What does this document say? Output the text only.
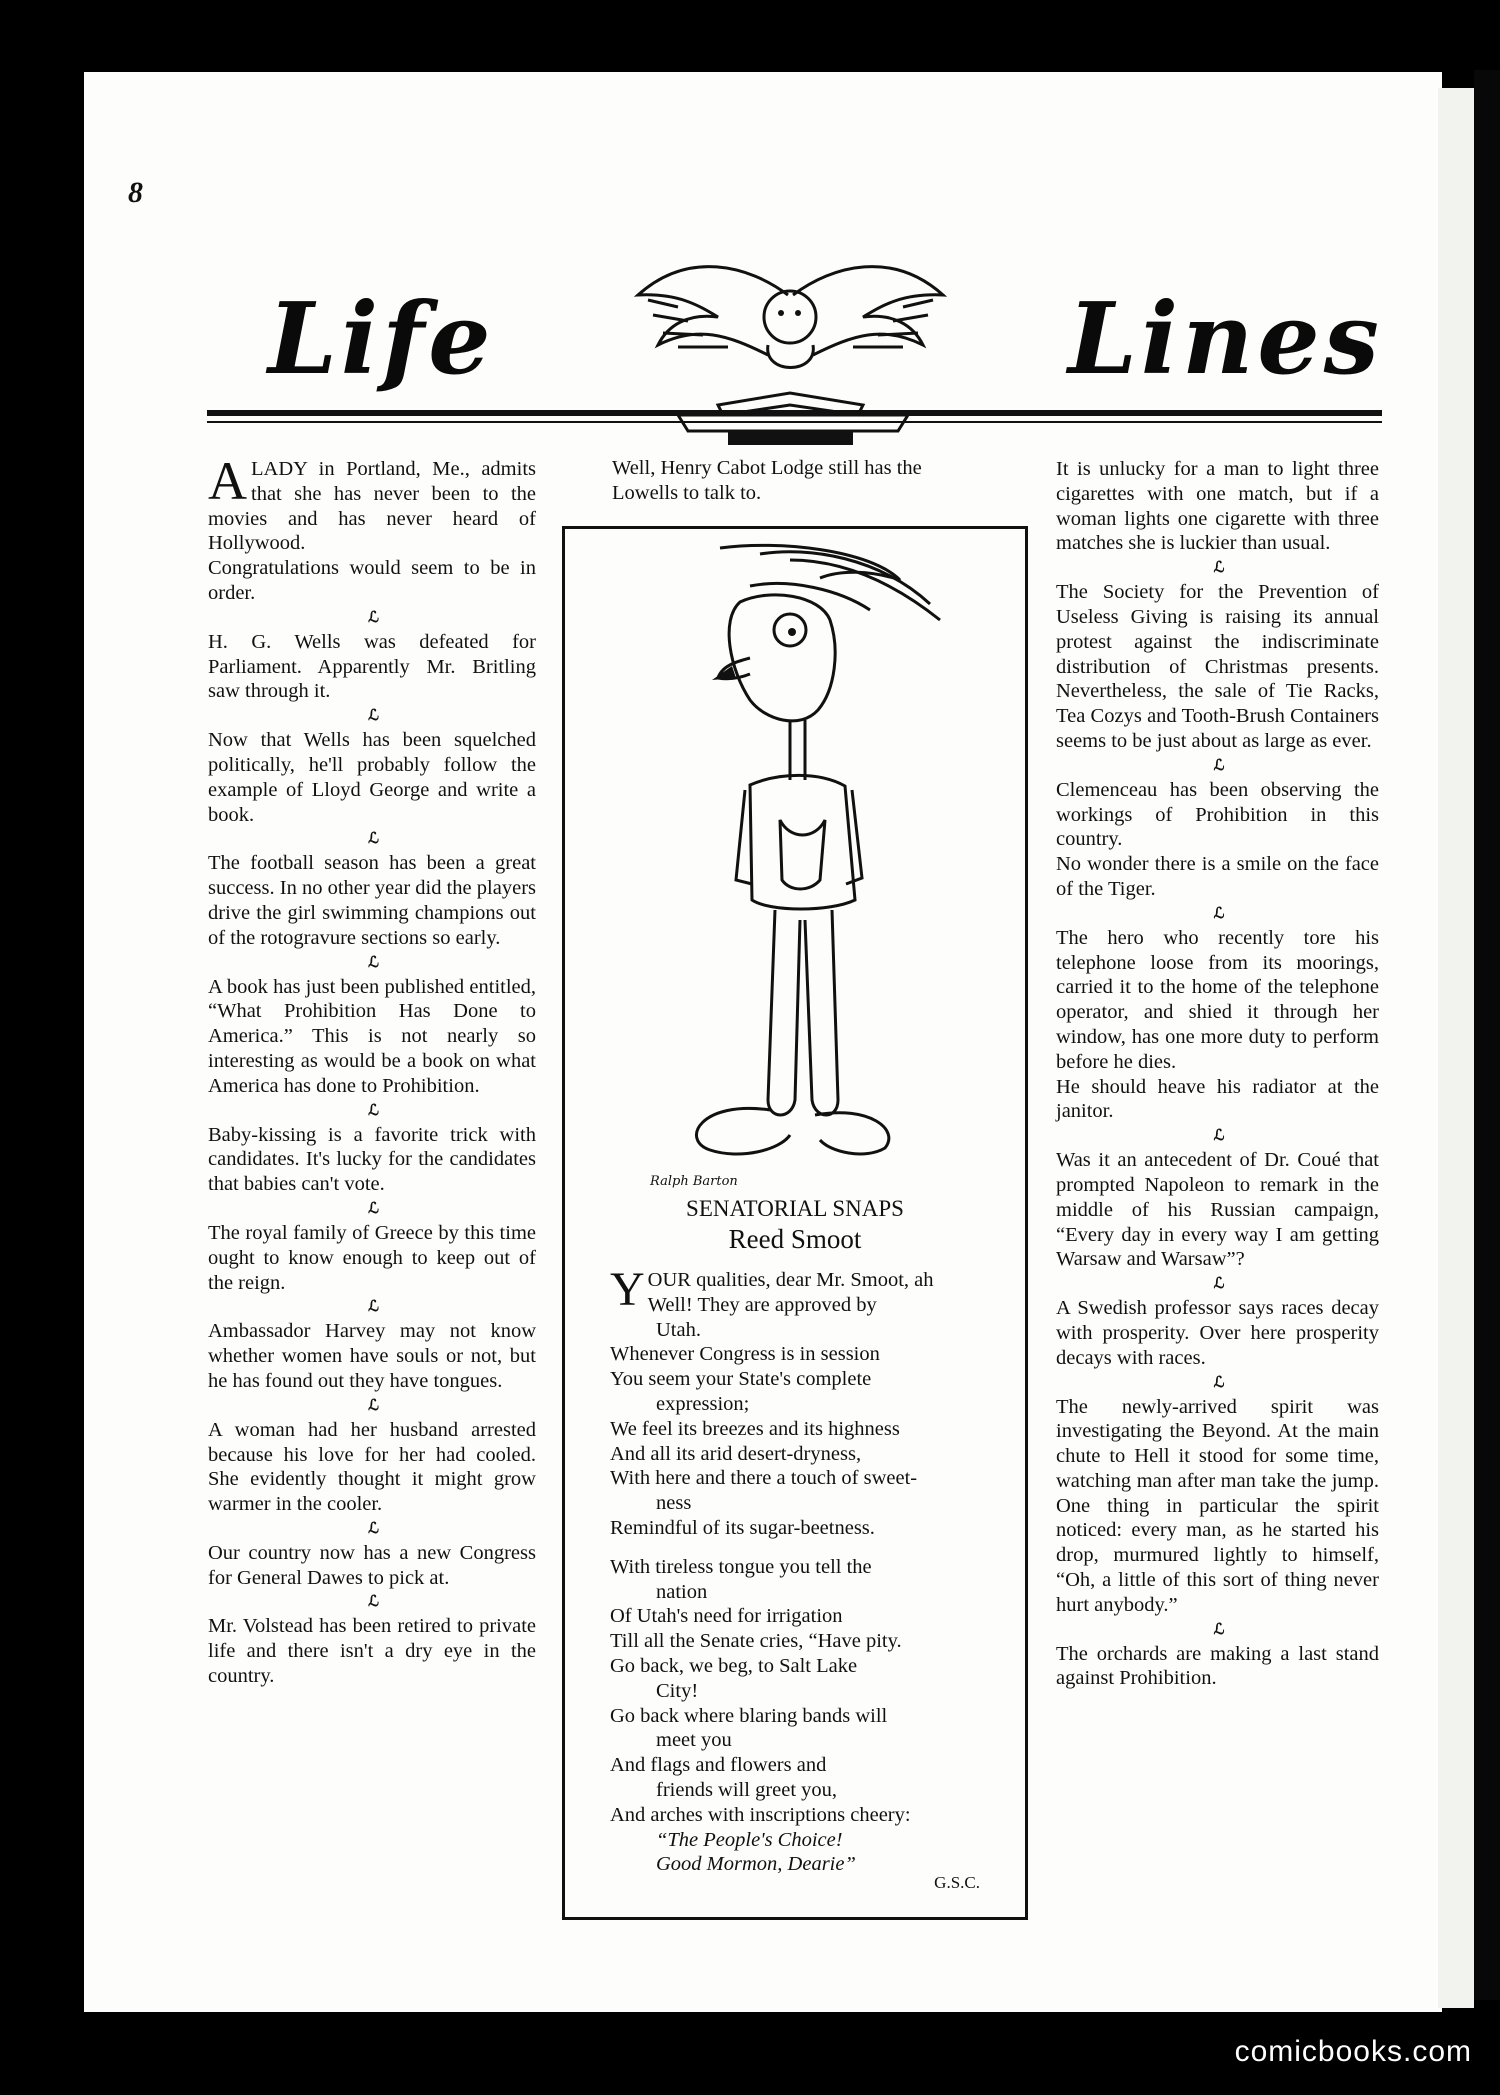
8
Life	Lines

ALADY in Portland, Me., admits that she has never been to the movies and has never heard of Hollywood.

Congratulations would seem to be in order.

ℒ

H. G. Wells was defeated for Parliament. Apparently Mr. Britling saw through it.

ℒ

Now that Wells has been squelched politically, he'll probably follow the example of Lloyd George and write a book.

ℒ

The football season has been a great success. In no other year did the players drive the girl swimming champions out of the rotogravure sections so early.

ℒ

A book has just been published entitled, “What Prohibition Has Done to America.” This is not nearly so interesting as would be a book on what America has done to Prohibition.

ℒ

Baby-kissing is a favorite trick with candidates. It's lucky for the candidates that babies can't vote.

ℒ

The royal family of Greece by this time ought to know enough to keep out of the reign.

ℒ

Ambassador Harvey may not know whether women have souls or not, but he has found out they have tongues.

ℒ

A woman had her husband arrested because his love for her had cooled. She evidently thought it might grow warmer in the cooler.

ℒ

Our country now has a new Congress for General Dawes to pick at.

ℒ

Mr. Volstead has been retired to private life and there isn't a dry eye in the country.

Well, Henry Cabot Lodge still has the Lowells to talk to.

Ralph Barton
SENATORIAL SNAPS
Reed Smoot
Y OUR qualities, dear Mr. Smoot, ah
Well! They are approved by
Utah.
Whenever Congress is in session
You seem your State's complete
expression;
We feel its breezes and its highness
And all its arid desert-dryness,
With here and there a touch of sweet-
ness
Remindful of its sugar-beetness.
With tireless tongue you tell the
nation
Of Utah's need for irrigation
Till all the Senate cries, “Have pity.
Go back, we beg, to Salt Lake
City!
Go back where blaring bands will
meet you
And flags and flowers and
friends will greet you,
And arches with inscriptions cheery:
“The People's Choice!
Good Mormon, Dearie”
G.S.C.

It is unlucky for a man to light three cigarettes with one match, but if a woman lights one cigarette with three matches she is luckier than usual.

ℒ

The Society for the Prevention of Useless Giving is raising its annual protest against the indiscriminate distribution of Christmas presents. Nevertheless, the sale of Tie Racks, Tea Cozys and Tooth-Brush Containers seems to be just about as large as ever.

ℒ

Clemenceau has been observing the workings of Prohibition in this country.

No wonder there is a smile on the face of the Tiger.

ℒ

The hero who recently tore his telephone loose from its moorings, carried it to the home of the telephone operator, and shied it through her window, has one more duty to perform before he dies.

He should heave his radiator at the janitor.

ℒ

Was it an antecedent of Dr. Coué that prompted Napoleon to remark in the middle of his Russian campaign, “Every day in every way I am getting Warsaw and Warsaw”?

ℒ

A Swedish professor says races decay with prosperity. Over here prosperity decays with races.

ℒ

The newly-arrived spirit was investigating the Beyond. At the main chute to Hell it stood for some time, watching man after man take the jump. One thing in particular the spirit noticed: every man, as he started his drop, murmured lightly to himself, “Oh, a little of this sort of thing never hurt anybody.”

ℒ

The orchards are making a last stand against Prohibition.

comicbooks.com
